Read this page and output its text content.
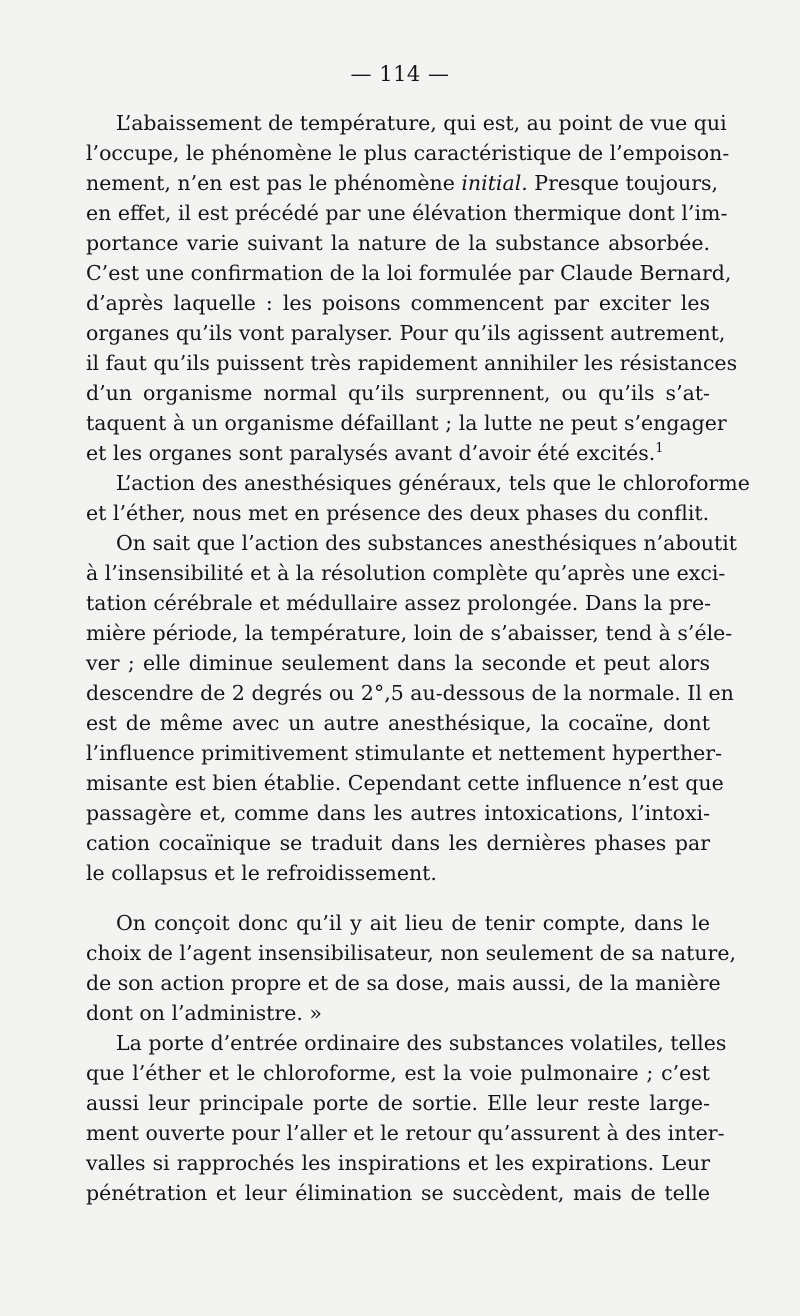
— 114 —
L’abaissement de température, qui est, au point de vue qui
l’occupe, le phénomène le plus caractéristique de l’empoison-
nement, n’en est pas le phénomène initial. Presque toujours,
en effet, il est précédé par une élévation thermique dont l’im-
portance varie suivant la nature de la substance absorbée.
C’est une confirmation de la loi formulée par Claude Bernard,
d’après laquelle : les poisons commencent par exciter les
organes qu’ils vont paralyser. Pour qu’ils agissent autrement,
il faut qu’ils puissent très rapidement annihiler les résistances
d’un organisme normal qu’ils surprennent, ou qu’ils s’at-
taquent à un organisme défaillant ; la lutte ne peut s’engager
et les organes sont paralysés avant d’avoir été excités.$^1$
L’action des anesthésiques généraux, tels que le chloroforme
et l’éther, nous met en présence des deux phases du conflit.
On sait que l’action des substances anesthésiques n’aboutit
à l’insensibilité et à la résolution complète qu’après une exci-
tation cérébrale et médullaire assez prolongée. Dans la pre-
mière période, la température, loin de s’abaisser, tend à s’éle-
ver ; elle diminue seulement dans la seconde et peut alors
descendre de 2 degrés ou 2°,5 au-dessous de la normale. Il en
est de même avec un autre anesthésique, la cocaïne, dont
l’influence primitivement stimulante et nettement hyperther-
misante est bien établie. Cependant cette influence n’est que
passagère et, comme dans les autres intoxications, l’intoxi-
cation cocaïnique se traduit dans les dernières phases par
le collapsus et le refroidissement.
On conçoit donc qu’il y ait lieu de tenir compte, dans le
choix de l’agent insensibilisateur, non seulement de sa nature,
de son action propre et de sa dose, mais aussi, de la manière
dont on l’administre. »
La porte d’entrée ordinaire des substances volatiles, telles
que l’éther et le chloroforme, est la voie pulmonaire ; c’est
aussi leur principale porte de sortie. Elle leur reste large-
ment ouverte pour l’aller et le retour qu’assurent à des inter-
valles si rapprochés les inspirations et les expirations. Leur
pénétration et leur élimination se succèdent, mais de telle
